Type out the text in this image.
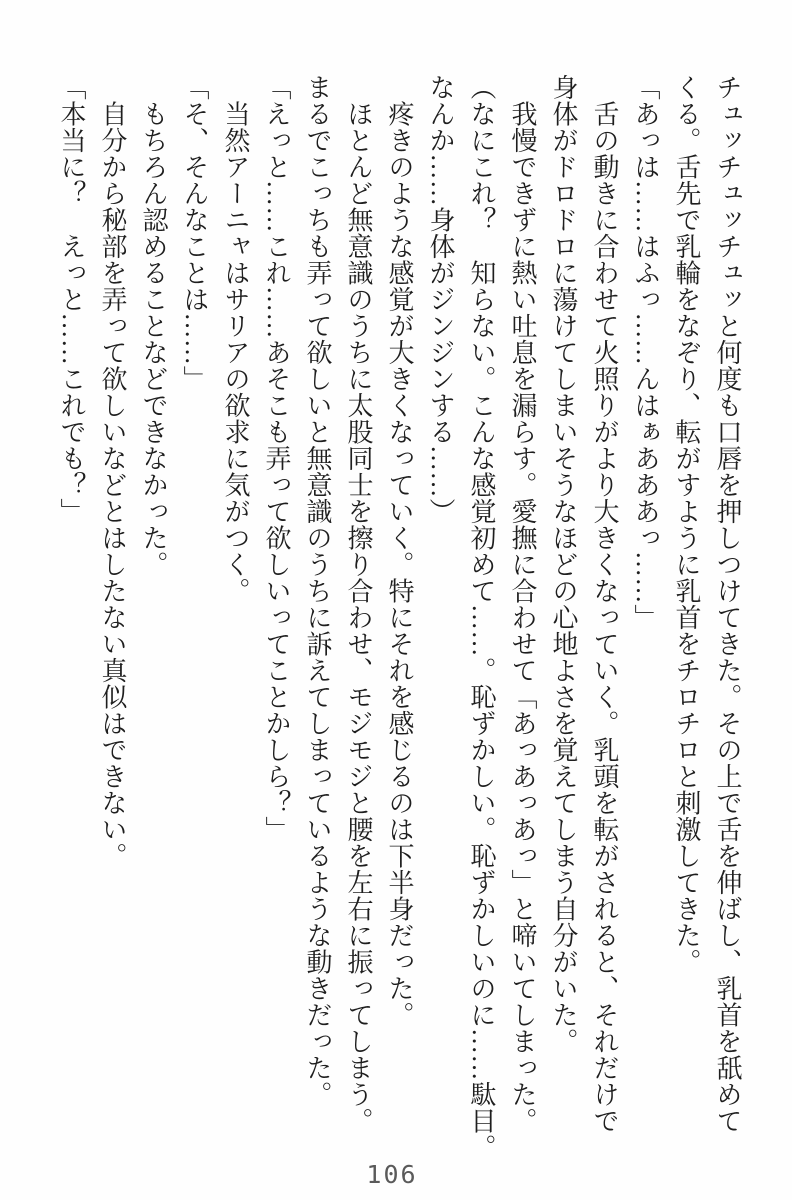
チュッチュッチュッと何度も口唇を押しつけてきた。その上で舌を伸ばし、乳首を舐めて
くる。舌先で乳輪をなぞり、転がすように乳首をチロチロと刺激してきた。

「あっは……はふっ……んはぁあああっ……」

　舌の動きに合わせて火照りがより大きくなっていく。乳頭を転がされると、それだけで
身体がドロドロに蕩けてしまいそうなほどの心地よさを覚えてしまう自分がいた。

　我慢できずに熱い吐息を漏らす。愛撫に合わせて「あっあっあっ」と啼いてしまった。

（なにこれ？　知らない。こんな感覚初めて……。恥ずかしい。恥ずかしいのに……駄目。
なんか……身体がジンジンする……）

　疼きのような感覚が大きくなっていく。特にそれを感じるのは下半身だった。

　ほとんど無意識のうちに太股同士を擦り合わせ、モジモジと腰を左右に振ってしまう。
まるでこっちも弄って欲しいと無意識のうちに訴えてしまっているような動きだった。

「えっと……これ……あそこも弄って欲しいってことかしら？」

　当然アーニャはサリアの欲求に気がつく。

「そ、そんなことは……」

　もちろん認めることなどできなかった。

　自分から秘部を弄って欲しいなどとはしたない真似はできない。

「本当に？　えっと……これでも？」

106
